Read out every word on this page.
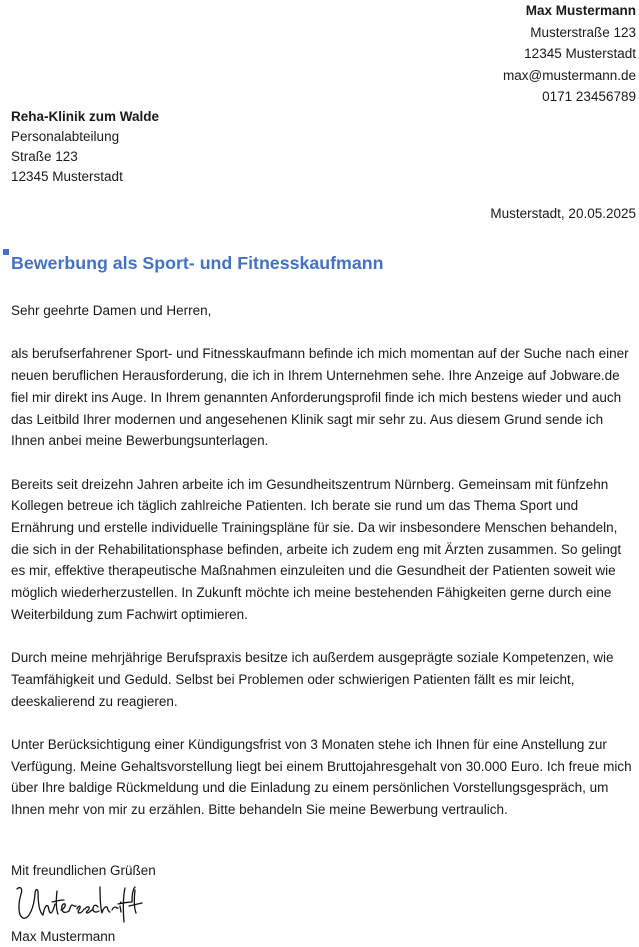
Max Mustermann
Musterstraße 123
12345 Musterstadt
max@mustermann.de
0171 23456789
Reha-Klinik zum Walde
Personalabteilung
Straße 123
12345 Musterstadt
Musterstadt, 20.05.2025
Bewerbung als Sport- und Fitnesskaufmann

Sehr geehrte Damen und Herren,

als berufserfahrener Sport- und Fitnesskaufmann befinde ich mich momentan auf der Suche nach einer neuen beruflichen Herausforderung, die ich in Ihrem Unternehmen sehe. Ihre Anzeige auf Jobware.de fiel mir direkt ins Auge. In Ihrem genannten Anforderungsprofil finde ich mich bestens wieder und auch das Leitbild Ihrer modernen und angesehenen Klinik sagt mir sehr zu. Aus diesem Grund sende ich Ihnen anbei meine Bewerbungsunterlagen.

Bereits seit dreizehn Jahren arbeite ich im Gesundheitszentrum Nürnberg. Gemeinsam mit fünfzehn Kollegen betreue ich täglich zahlreiche Patienten. Ich berate sie rund um das Thema Sport und Ernährung und erstelle individuelle Trainingspläne für sie. Da wir insbesondere Menschen behandeln, die sich in der Rehabilitationsphase befinden, arbeite ich zudem eng mit Ärzten zusammen. So gelingt es mir, effektive therapeutische Maßnahmen einzuleiten und die Gesundheit der Patienten soweit wie möglich wiederherzustellen. In Zukunft möchte ich meine bestehenden Fähigkeiten gerne durch eine Weiterbildung zum Fachwirt optimieren.

Durch meine mehrjährige Berufspraxis besitze ich außerdem ausgeprägte soziale Kompetenzen, wie Teamfähigkeit und Geduld. Selbst bei Problemen oder schwierigen Patienten fällt es mir leicht, deeskalierend zu reagieren.

Unter Berücksichtigung einer Kündigungsfrist von 3 Monaten stehe ich Ihnen für eine Anstellung zur Verfügung. Meine Gehaltsvorstellung liegt bei einem Bruttojahresgehalt von 30.000 Euro. Ich freue mich über Ihre baldige Rückmeldung und die Einladung zu einem persönlichen Vorstellungsgespräch, um Ihnen mehr von mir zu erzählen. Bitte behandeln Sie meine Bewerbung vertraulich.

Mit freundlichen Grüßen
Max Mustermann
